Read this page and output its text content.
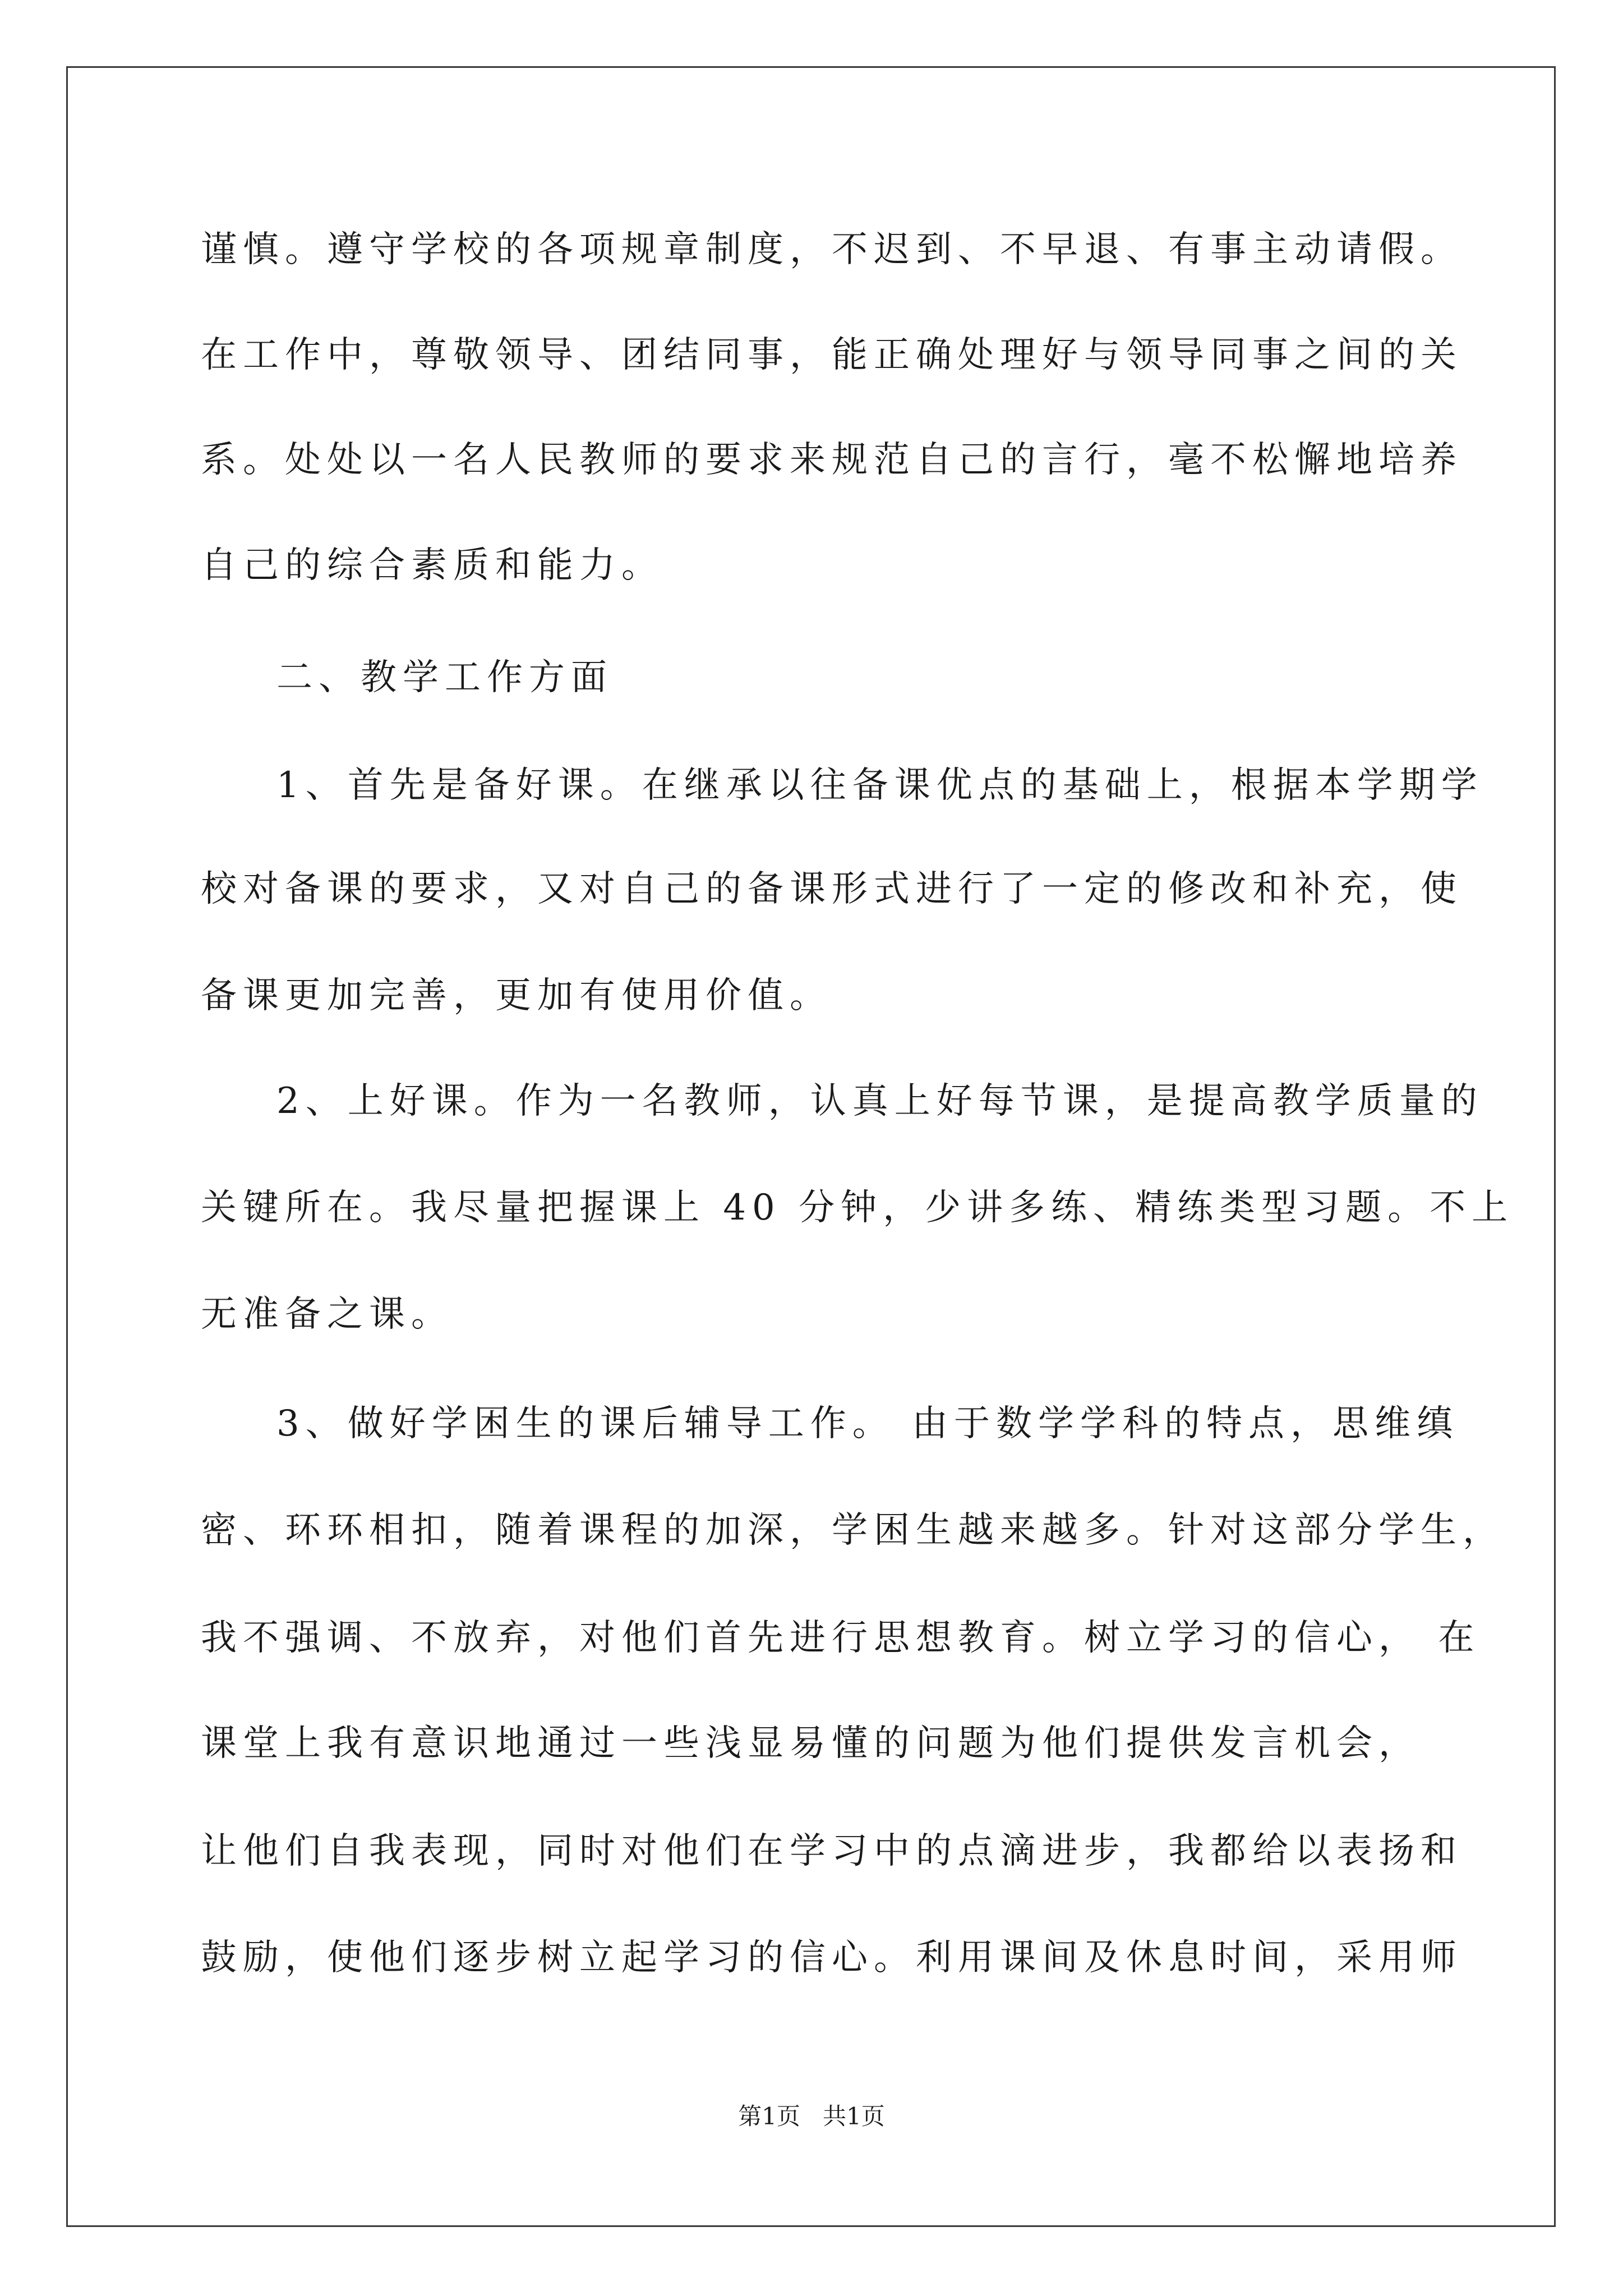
谨慎。遵守学校的各项规章制度，不迟到、不早退、有事主动请假。
在工作中，尊敬领导、团结同事，能正确处理好与领导同事之间的关
系。处处以一名人民教师的要求来规范自己的言行，毫不松懈地培养
自己的综合素质和能力。
二、教学工作方面
1、首先是备好课。在继承以往备课优点的基础上，根据本学期学
校对备课的要求，又对自己的备课形式进行了一定的修改和补充，使
备课更加完善，更加有使用价值。
2、上好课。作为一名教师，认真上好每节课，是提高教学质量的
关键所在。我尽量把握课上 40 分钟，少讲多练、精练类型习题。不上
无准备之课。
3、做好学困生的课后辅导工作。 由于数学学科的特点，思维缜
密、环环相扣，随着课程的加深，学困生越来越多。针对这部分学生，
我不强调、不放弃，对他们首先进行思想教育。树立学习的信心， 在
课堂上我有意识地通过一些浅显易懂的问题为他们提供发言机会，
让他们自我表现，同时对他们在学习中的点滴进步，我都给以表扬和
鼓励，使他们逐步树立起学习的信心。利用课间及休息时间，采用师
第1页   共1页
